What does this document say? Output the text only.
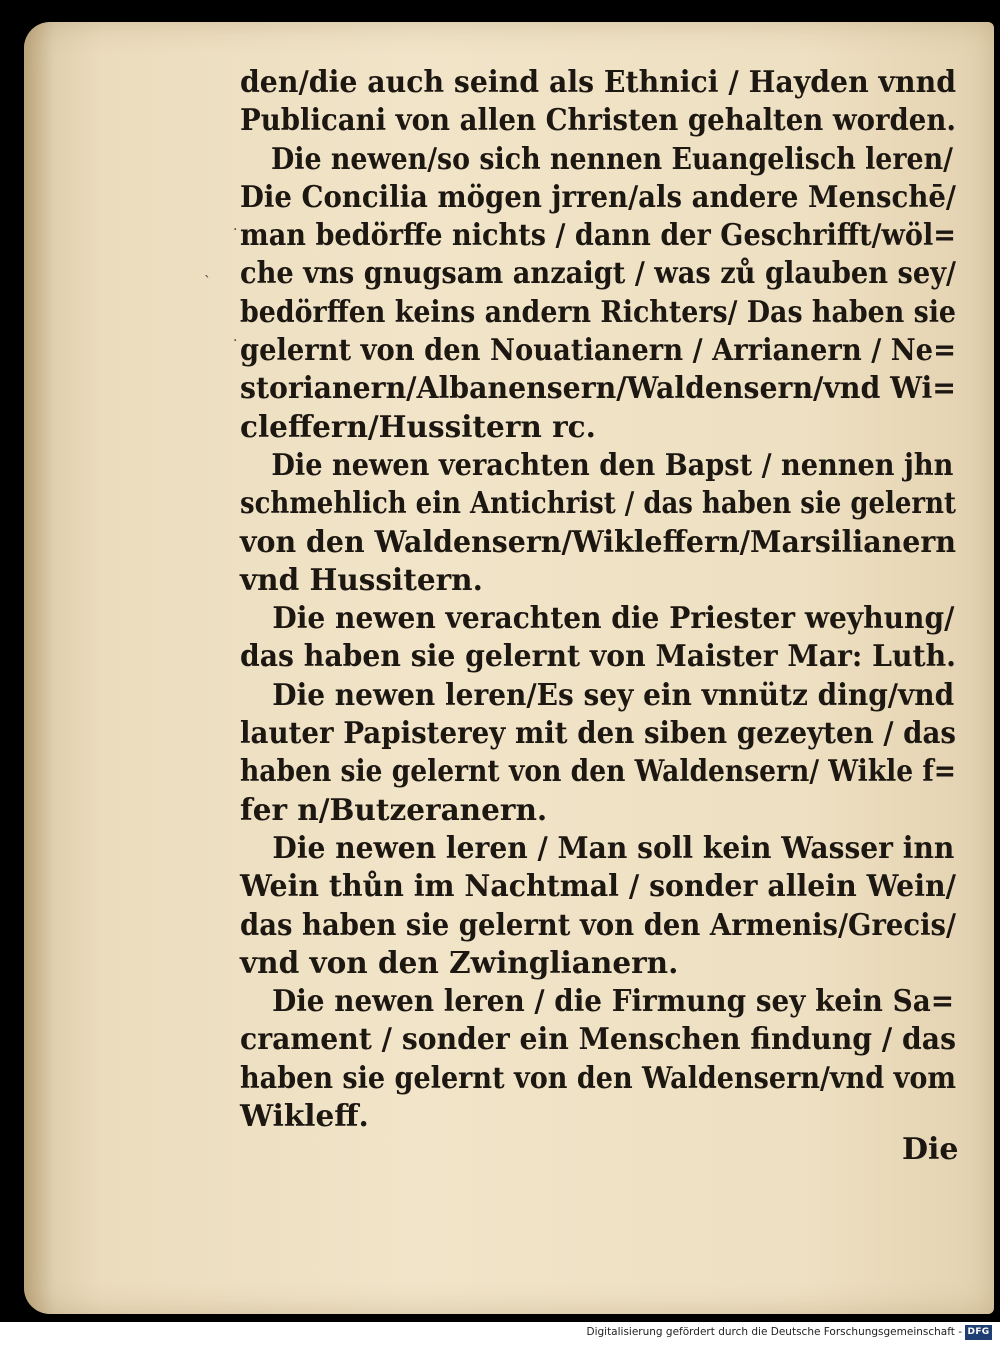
den/die auch seind als Ethnici / Hayden vnnd
Publicani von allen Christen gehalten worden.
Die newen/so sich nennen Euangelisch leren/
Die Concilia mögen jrren/als andere Menschē/
man bedörffe nichts / dann der Geschrifft/wöl=
che vns gnugsam anzaigt / was zů glauben sey/
bedörffen keins andern Richters/ Das haben sie
gelernt von den Nouatianern / Arrianern / Ne=
storianern/Albanensern/Waldensern/vnd Wi=
cleffern/Hussitern rc.
Die newen verachten den Bapst / nennen jhn
schmehlich ein Antichrist / das haben sie gelernt
von den Waldensern/Wikleffern/Marsilianern
vnd Hussitern.
Die newen verachten die Priester weyhung/
das haben sie gelernt von Maister Mar: Luth.
Die newen leren/Es sey ein vnnütz ding/vnd
lauter Papisterey mit den siben gezeyten / das
haben sie gelernt von den Waldensern/ Wikle f=
fer n/Butzeranern.
Die newen leren / Man soll kein Wasser inn
Wein thůn im Nachtmal / sonder allein Wein/
das haben sie gelernt von den Armenis/Grecis/
vnd von den Zwinglianern.
Die newen leren / die Firmung sey kein Sa=
crament / sonder ein Menschen findung / das
haben sie gelernt von den Waldensern/vnd vom
Wikleff.
Die
·
ˎ
·
Digitalisierung gefördert durch die Deutsche Forschungsgemeinschaft - DFG
